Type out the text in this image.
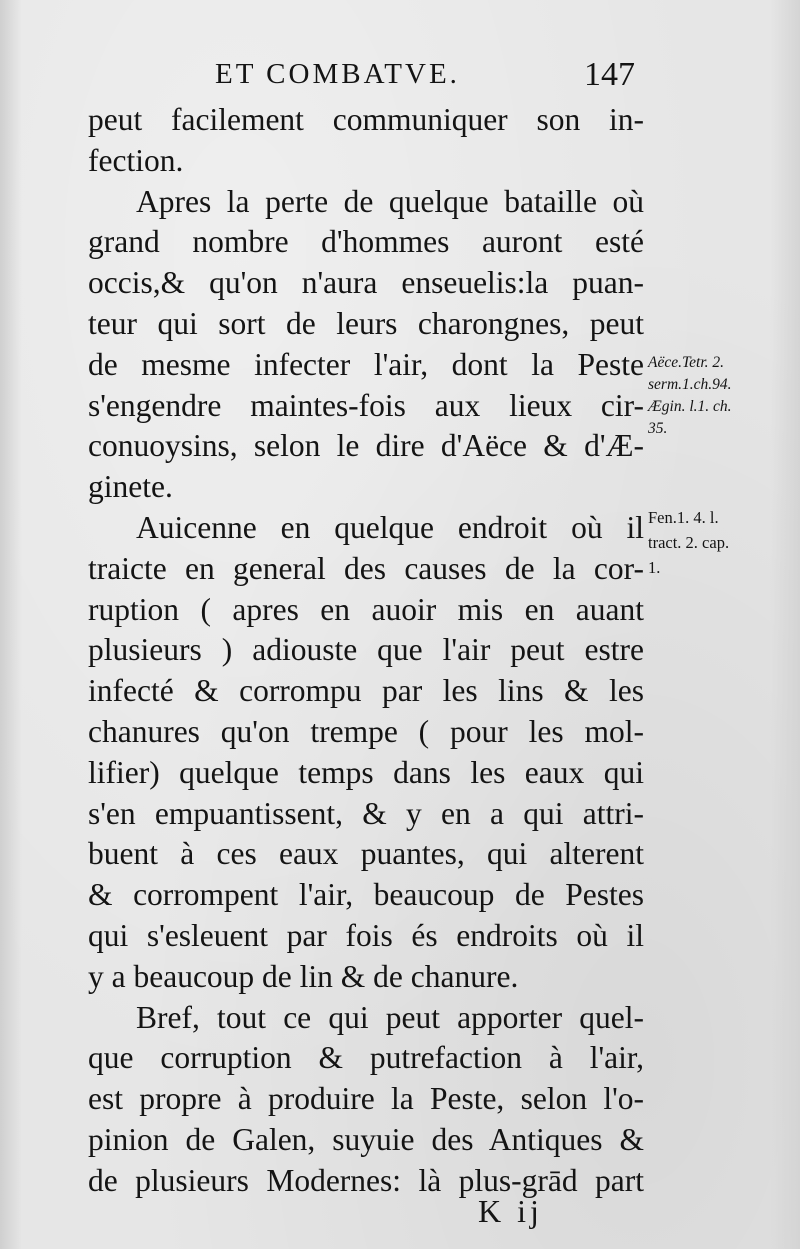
ET COMBATVE.	147
peut facilement communiquer son in-
fection.
Apres la perte de quelque bataille où
grand nombre d'hommes auront esté
occis,& qu'on n'aura enseuelis:la puan-
teur qui sort de leurs charongnes, peut
de mesme infecter l'air, dont la Peste
s'engendre maintes-fois aux lieux cir-
conuoysins, selon le dire d'Aëce & d'Æ-
ginete.
Auicenne en quelque endroit où il
traicte en general des causes de la cor-
ruption ( apres en auoir mis en auant
plusieurs ) adiouste que l'air peut estre
infecté & corrompu par les lins & les
chanures qu'on trempe ( pour les mol-
lifier) quelque temps dans les eaux qui
s'en empuantissent, & y en a qui attri-
buent à ces eaux puantes, qui alterent
& corrompent l'air, beaucoup de Pestes
qui s'esleuent par fois és endroits où il
y a beaucoup de lin & de chanure.
Bref, tout ce qui peut apporter quel-
que corruption & putrefaction à l'air,
est propre à produire la Peste, selon l'o-
pinion de Galen, suyuie des Antiques &
de plusieurs Modernes: là plus-grād part
Aëce.Tetr. 2.
serm.1.ch.94.
Ægin. l.1. ch.
35.
Fen.1. 4. l.
tract. 2. cap.
1.
K ij
